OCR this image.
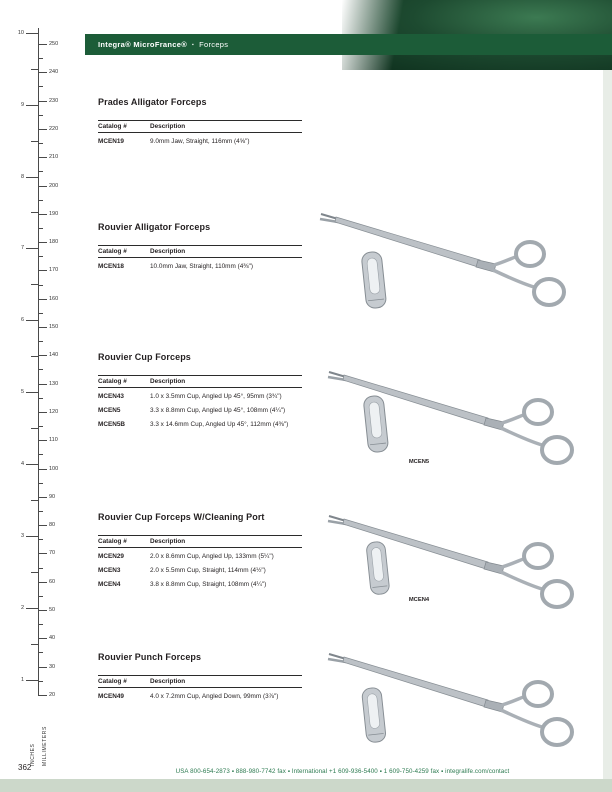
Integra® MicroFrance® ▪ Forceps
INCHES MILLIMETERS
250
240
230
220
210
200
190
180
170
160
150
140
130
120
110
100
90
80
70
60
50
40
30
20
10
9
8
7
6
5
4
3
2
1
Prades Alligator Forceps
Catalog #	Description
MCEN19	9.0mm Jaw, Straight, 116mm (4⅝")
Rouvier Alligator Forceps
Catalog #	Description
MCEN18	10.0mm Jaw, Straight, 110mm (4⅜")
Rouvier Cup Forceps
Catalog #	Description
MCEN43	1.0 x 3.5mm Cup, Angled Up 45°, 95mm (3¾")
MCEN5	3.3 x 8.8mm Cup, Angled Up 45°, 108mm (4¼")
MCEN5B	3.3 x 14.6mm Cup, Angled Up 45°, 112mm (4⅜")
Rouvier Cup Forceps W/Cleaning Port
Catalog #	Description
MCEN29	2.0 x 8.6mm Cup, Angled Up, 133mm (5¼")
MCEN3	2.0 x 5.5mm Cup, Straight, 114mm (4½")
MCEN4	3.8 x 8.8mm Cup, Straight, 108mm (4¼")
Rouvier Punch Forceps
Catalog #	Description
MCEN49	4.0 x 7.2mm Cup, Angled Down, 99mm (3⅞")
MCEN5
MCEN4
362	USA 800-654-2873 ▪ 888-980-7742 fax ▪ International +1 609-936-5400 ▪ 1 609-750-4259 fax ▪ integralife.com/contact
